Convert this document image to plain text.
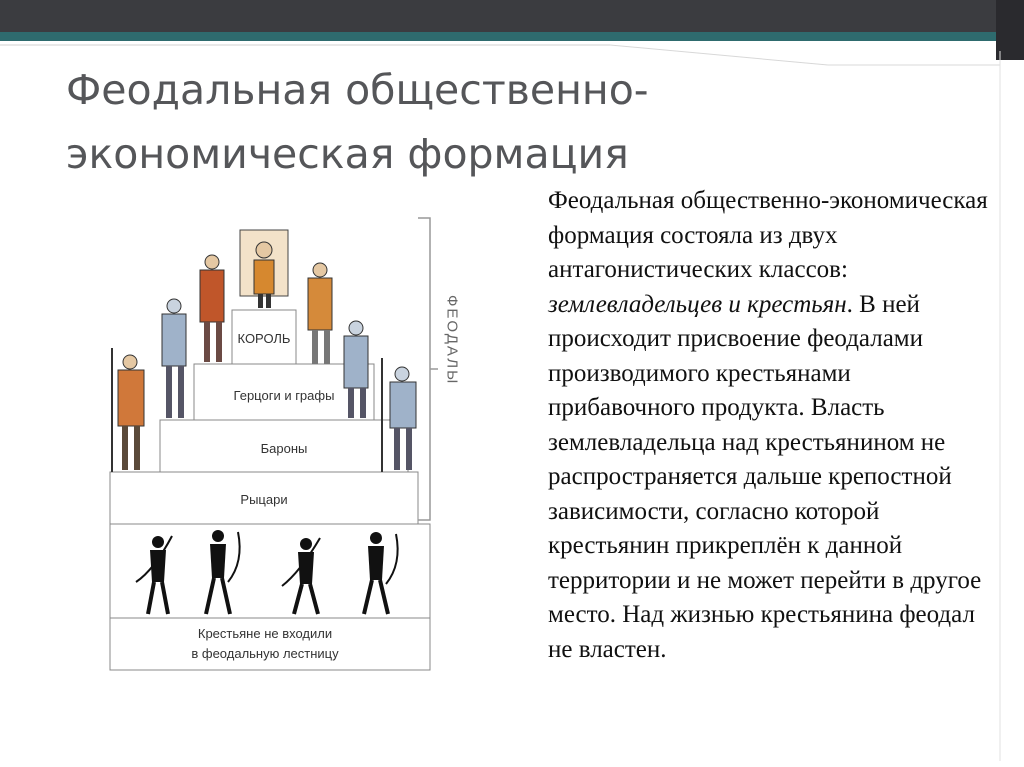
Феодальная общественно-
экономическая формация
КОРОЛЬ
Герцоги и графы
Бароны
Рыцари
Крестьяне не входили
в феодальную лестницу
ФЕОДАЛЫ
Феодальная общественно-экономическая формация состояла из двух антагонистических классов: землевладельцев и крестьян. В ней происходит присвоение феодалами производимого крестьянами прибавочного продукта. Власть землевладельца над крестьянином не распространяется дальше крепостной зависимости, согласно которой крестьянин прикреплён к данной территории и не может перейти в другое место. Над жизнью крестьянина феодал не властен.
